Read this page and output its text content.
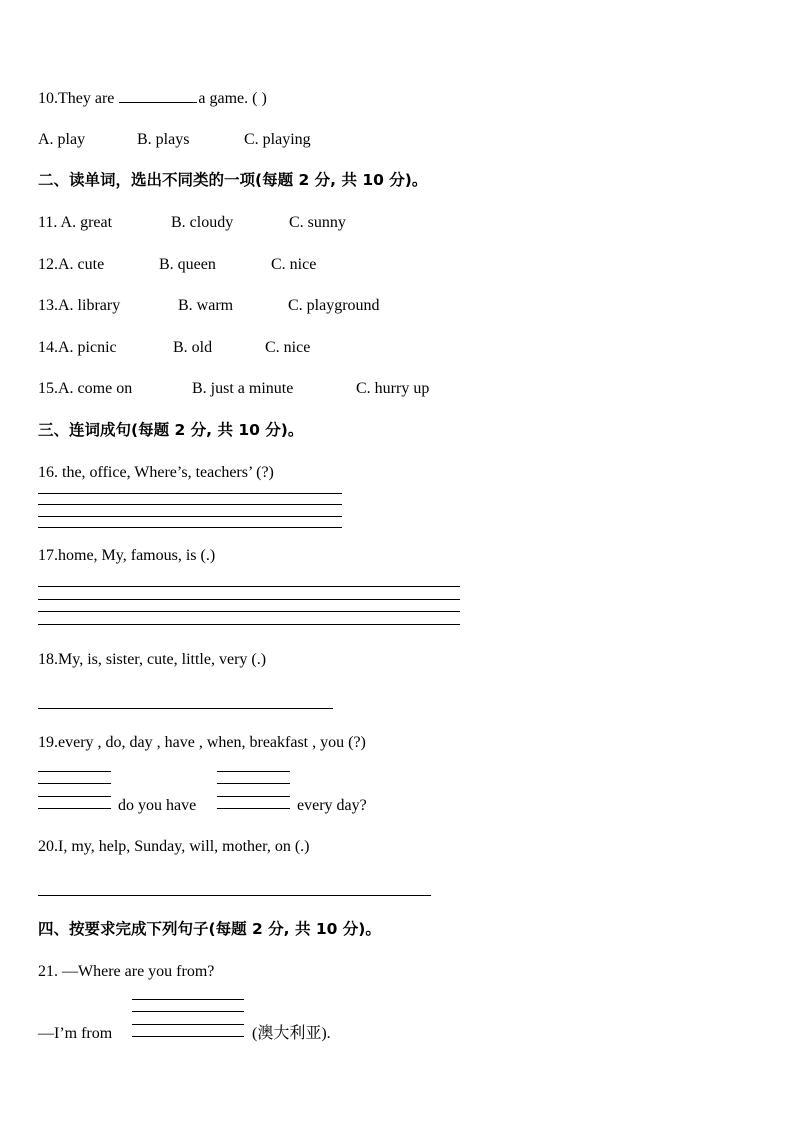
10.They are	a game. ( )
A. play	B. plays	C. playing
二、读单词，选出不同类的一项(每题 2 分, 共 10 分)。
11. A. great	B. cloudy	C. sunny
12.A. cute	B. queen	C. nice
13.A. library	B. warm	C. playground
14.A. picnic	B. old	C. nice
15.A. come on	B. just a minute	C. hurry up
三、连词成句(每题 2 分, 共 10 分)。
16. the, office, Where’s, teachers’ (?)
17.home, My, famous, is (.)
18.My, is, sister, cute, little, very (.)
19.every , do, day , have , when, breakfast , you (?)
do you have	every day?
20.I, my, help, Sunday, will, mother, on (.)
四、按要求完成下列句子(每题 2 分, 共 10 分)。
21. —Where are you from?
—I’m from	(澳大利亚).
